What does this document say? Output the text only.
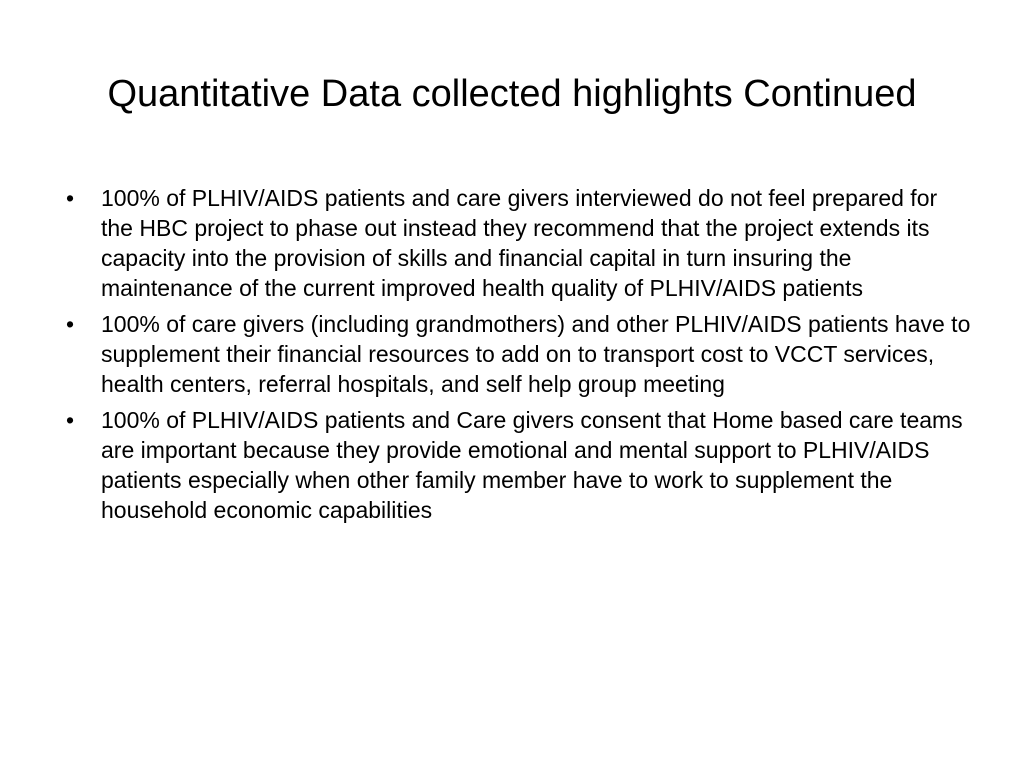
Quantitative Data collected highlights Continued
• 100% of PLHIV/AIDS patients and care givers interviewed do not feel prepared for the HBC project to phase out instead they recommend that the project extends its capacity into the provision of skills and financial capital in turn insuring the maintenance of the current improved health quality of PLHIV/AIDS patients
• 100% of care givers (including grandmothers) and other PLHIV/AIDS patients have to supplement their financial resources to add on to transport cost to VCCT services, health centers, referral hospitals, and self help group meeting
• 100% of PLHIV/AIDS patients and Care givers consent that Home based care teams are important because they provide emotional and mental support to PLHIV/AIDS patients especially when other family member have to work to supplement the household economic capabilities
